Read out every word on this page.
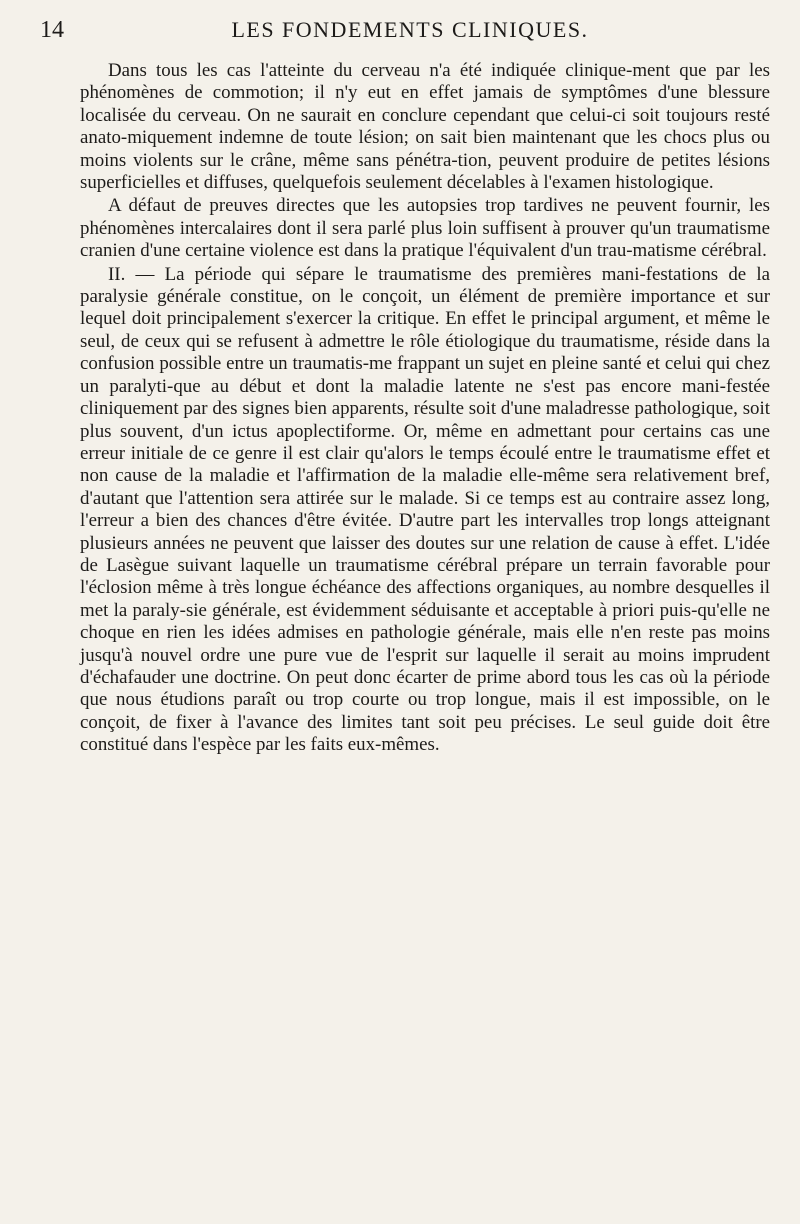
14	LES FONDEMENTS CLINIQUES.

Dans tous les cas l'atteinte du cerveau n'a été indiquée clinique-ment que par les phénomènes de commotion; il n'y eut en effet jamais de symptômes d'une blessure localisée du cerveau. On ne saurait en conclure cependant que celui-ci soit toujours resté anato-miquement indemne de toute lésion; on sait bien maintenant que les chocs plus ou moins violents sur le crâne, même sans pénétra-tion, peuvent produire de petites lésions superficielles et diffuses, quelquefois seulement décelables à l'examen histologique.

A défaut de preuves directes que les autopsies trop tardives ne peuvent fournir, les phénomènes intercalaires dont il sera parlé plus loin suffisent à prouver qu'un traumatisme cranien d'une certaine violence est dans la pratique l'équivalent d'un trau-matisme cérébral.

II. — La période qui sépare le traumatisme des premières mani-festations de la paralysie générale constitue, on le conçoit, un élément de première importance et sur lequel doit principalement s'exercer la critique. En effet le principal argument, et même le seul, de ceux qui se refusent à admettre le rôle étiologique du traumatisme, réside dans la confusion possible entre un traumatis-me frappant un sujet en pleine santé et celui qui chez un paralyti-que au début et dont la maladie latente ne s'est pas encore mani-festée cliniquement par des signes bien apparents, résulte soit d'une maladresse pathologique, soit plus souvent, d'un ictus apoplectiforme. Or, même en admettant pour certains cas une erreur initiale de ce genre il est clair qu'alors le temps écoulé entre le traumatisme effet et non cause de la maladie et l'affirmation de la maladie elle-même sera relativement bref, d'autant que l'attention sera attirée sur le malade. Si ce temps est au contraire assez long, l'erreur a bien des chances d'être évitée. D'autre part les intervalles trop longs atteignant plusieurs années ne peuvent que laisser des doutes sur une relation de cause à effet. L'idée de Lasègue suivant laquelle un traumatisme cérébral prépare un terrain favorable pour l'éclosion même à très longue échéance des affections organiques, au nombre desquelles il met la paraly-sie générale, est évidemment séduisante et acceptable à priori puis-qu'elle ne choque en rien les idées admises en pathologie générale, mais elle n'en reste pas moins jusqu'à nouvel ordre une pure vue de l'esprit sur laquelle il serait au moins imprudent d'échafauder une doctrine. On peut donc écarter de prime abord tous les cas où la période que nous étudions paraît ou trop courte ou trop longue, mais il est impossible, on le conçoit, de fixer à l'avance des limites tant soit peu précises. Le seul guide doit être constitué dans l'espèce par les faits eux-mêmes.
